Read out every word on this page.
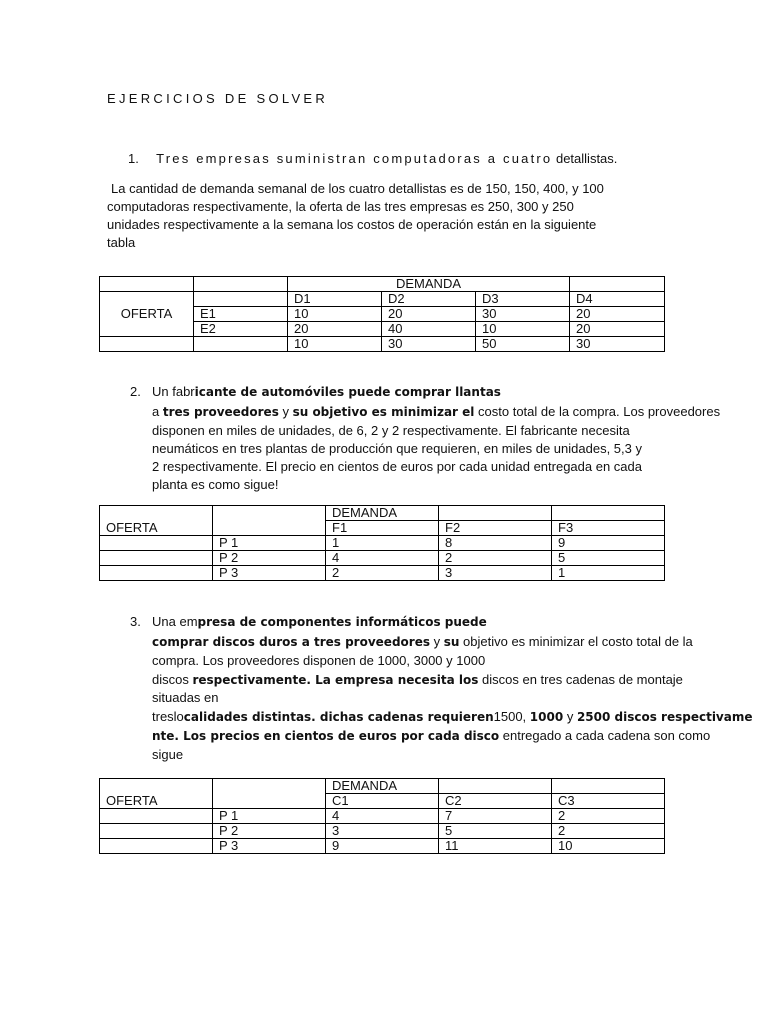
EJERCICIOS DE SOLVER
1. Tres empresas suministran computadoras a cuatro detallistas.
La cantidad de demanda semanal de los cuatro detallistas es de 150, 150, 400, y 100 computadoras respectivamente, la oferta de las tres empresas es 250, 300 y 250 unidades respectivamente a la semana los costos de operación están en la siguiente tabla
		DEMANDA			
OFERTA		D1	D2	D3	D4
	E1	10	20	30	20
	E2	20	40	10	20
		10	30	50	30
2. Un fabricante de automóviles puede comprar llantas
a tres proveedores y su objetivo es minimizar el costo total de la compra. Los proveedores
disponen en miles de unidades, de 6, 2 y 2 respectivamente. El fabricante necesita
neumáticos en tres plantas de producción que requieren, en miles de unidades, 5,3 y
2 respectivamente. El precio en cientos de euros por cada unidad entregada en cada
planta es como sigue!
		DEMANDA		
OFERTA		F1	F2	F3
	P 1	1	8	9
	P 2	4	2	5
	P 3	2	3	1
3. Una empresa de componentes informáticos puede
comprar discos duros a tres proveedores y su objetivo es minimizar el costo total de la
compra. Los proveedores disponen de 1000, 3000 y 1000
discos respectivamente. La empresa necesita los discos en tres cadenas de montaje
situadas en
treslocalidades distintas. dichas cadenas requieren1500, 1000 y 2500 discos respectivame
nte. Los precios en cientos de euros por cada disco entregado a cada cadena son como
sigue
		DEMANDA		
OFERTA		C1	C2	C3
	P 1	4	7	2
	P 2	3	5	2
	P 3	9	11	10
